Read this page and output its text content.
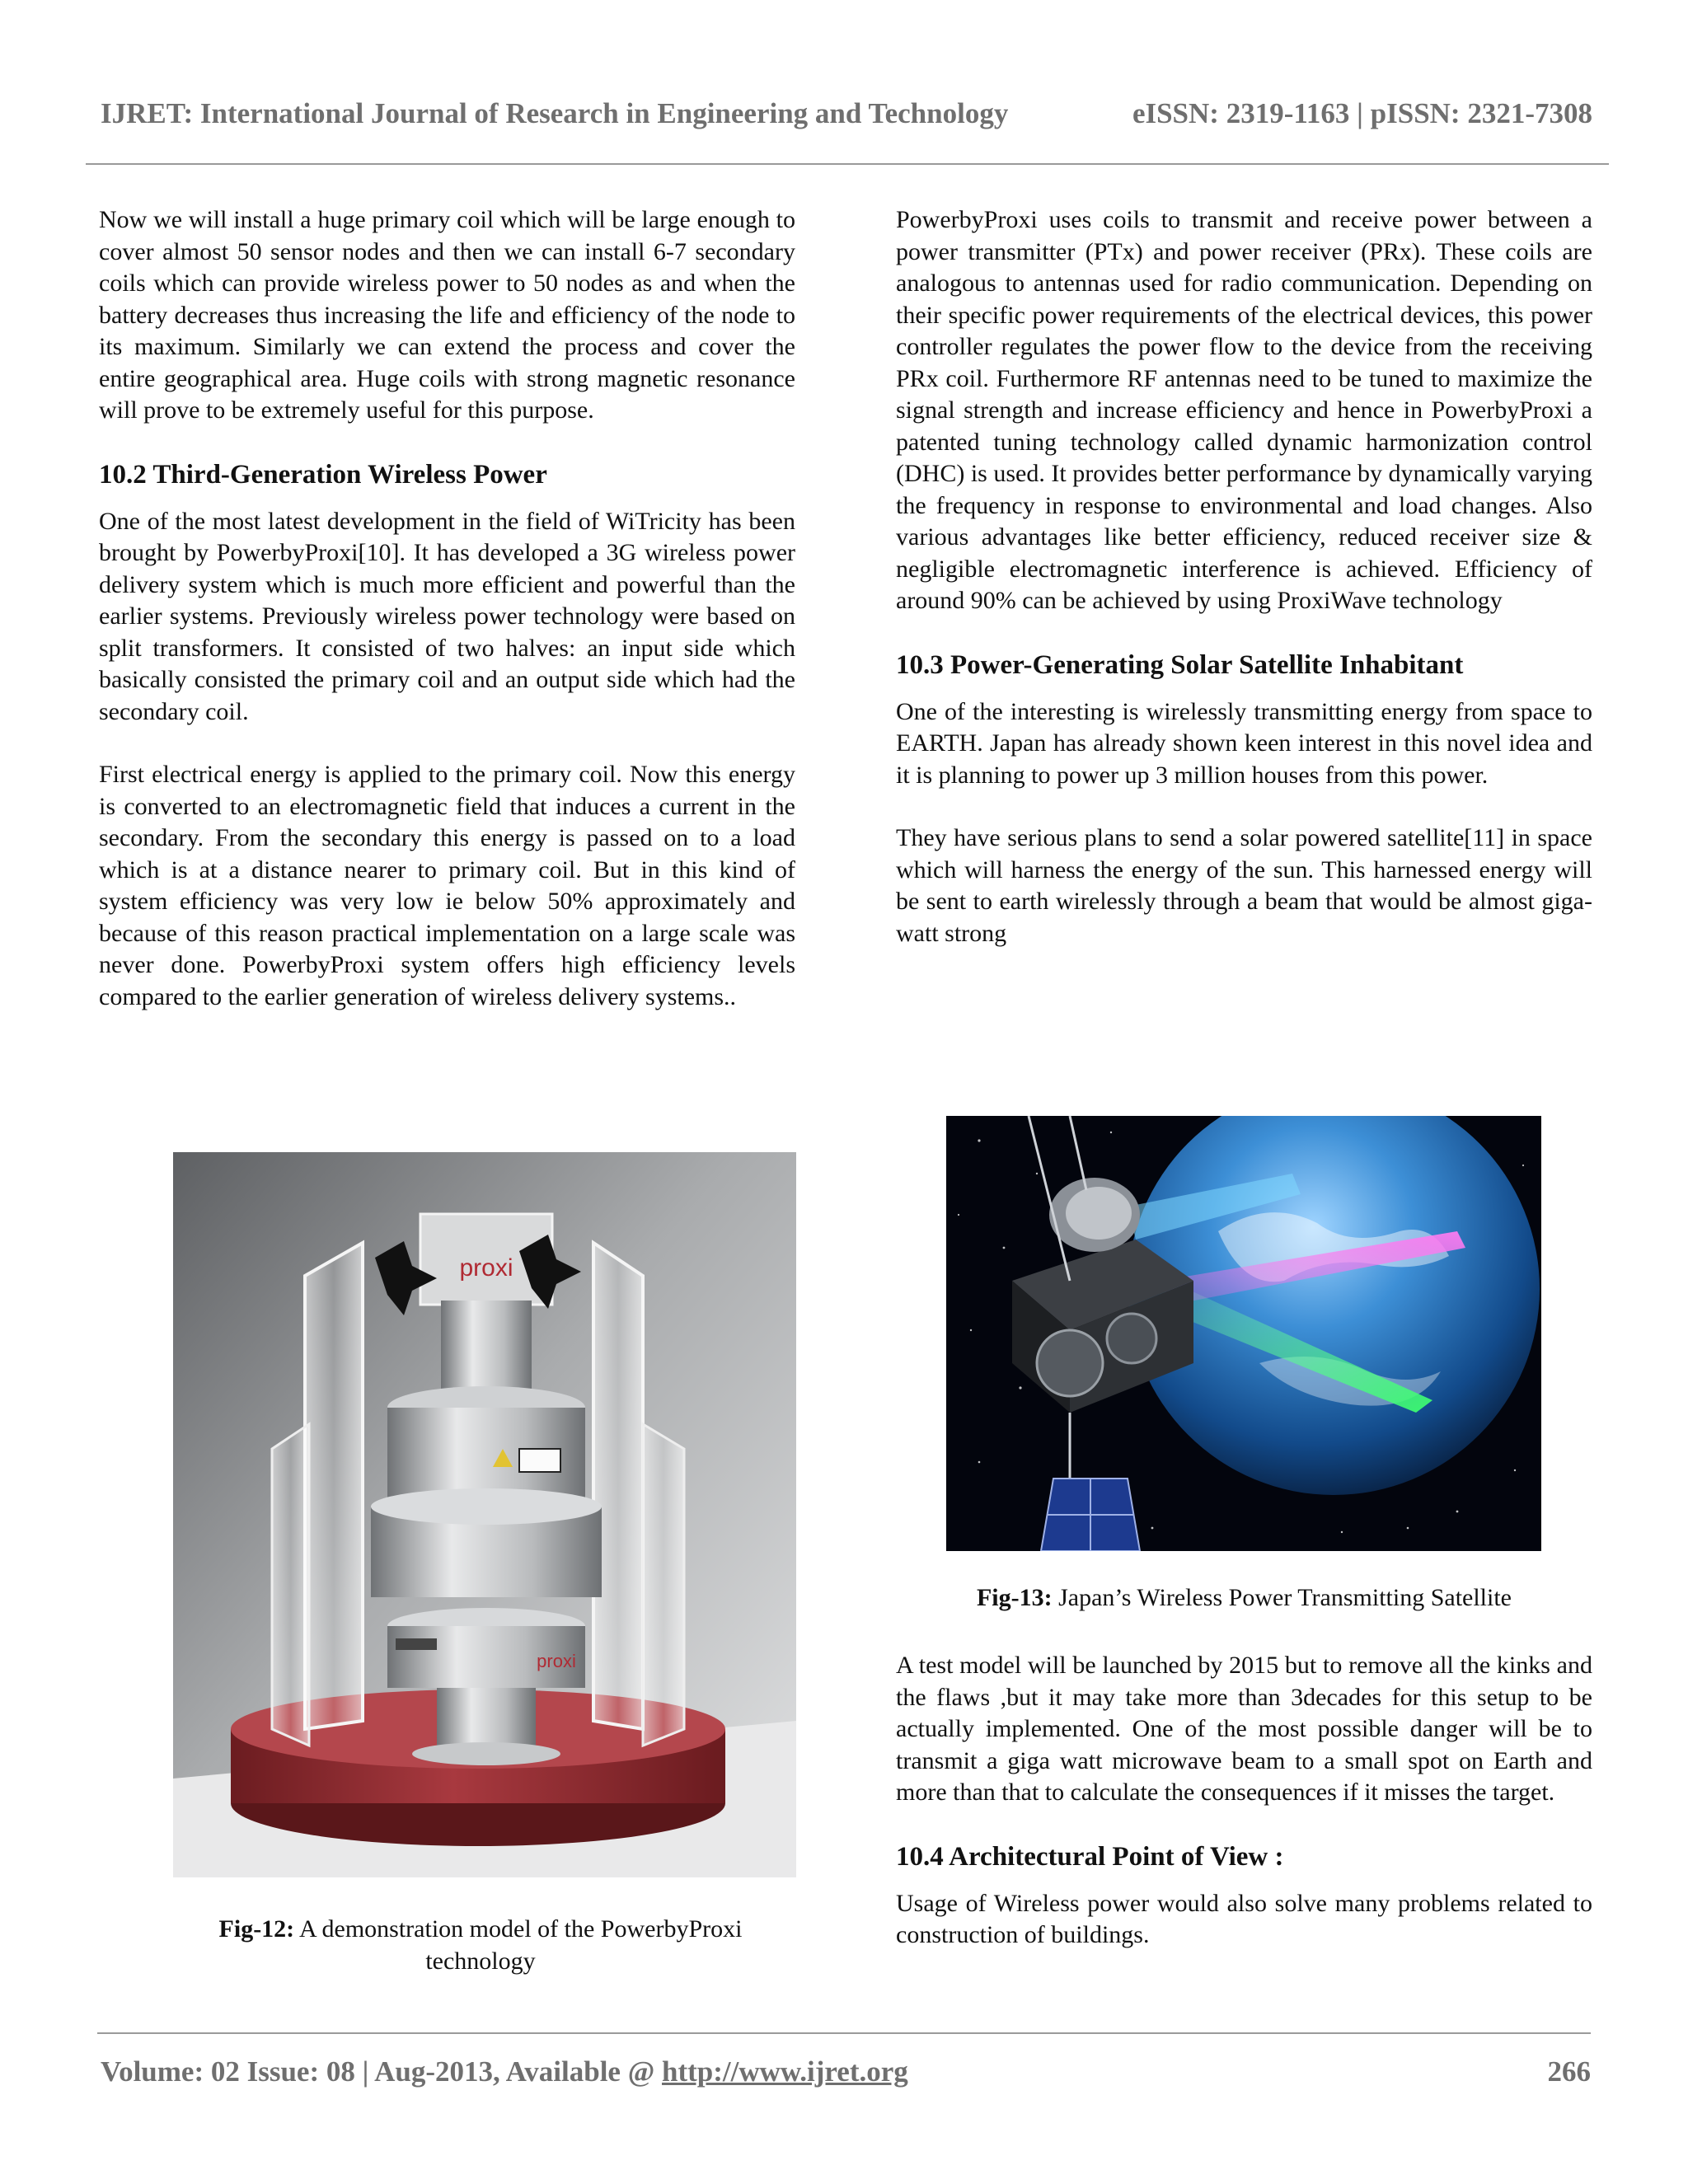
IJRET: International Journal of Research in Engineering and Technology	eISSN: 2319-1163 | pISSN: 2321-7308

Now we will install a huge primary coil which will be large enough to cover almost 50 sensor nodes and then we can install 6-7 secondary coils which can provide wireless power to 50 nodes as and when the battery decreases thus increasing the life and efficiency of the node to its maximum. Similarly we can extend the process and cover the entire geographical area. Huge coils with strong magnetic resonance will prove to be extremely useful for this purpose.

10.2 Third-Generation Wireless Power

One of the most latest development in the field of WiTricity has been brought by PowerbyProxi[10]. It has developed a 3G wireless power delivery system which is much more efficient and powerful than the earlier systems. Previously wireless power technology were based on split transformers. It consisted of two halves: an input side which basically consisted the primary coil and an output side which had the secondary coil.

First electrical energy is applied to the primary coil. Now this energy is converted to an electromagnetic field that induces a current in the secondary. From the secondary this energy is passed on to a load which is at a distance nearer to primary coil. But in this kind of system efficiency was very low ie below 50% approximately and because of this reason practical implementation on a large scale was never done. PowerbyProxi system offers high efficiency levels compared to the earlier generation of wireless delivery systems..

proxi
proxi
Fig-12: A demonstration model of the PowerbyProxi technology

PowerbyProxi uses coils to transmit and receive power between a power transmitter (PTx) and power receiver (PRx). These coils are analogous to antennas used for radio communication. Depending on their specific power requirements of the electrical devices, this power controller regulates the power flow to the device from the receiving PRx coil. Furthermore RF antennas need to be tuned to maximize the signal strength and increase efficiency and hence in PowerbyProxi a patented tuning technology called dynamic harmonization control (DHC) is used. It provides better performance by dynamically varying the frequency in response to environmental and load changes. Also various advantages like better efficiency, reduced receiver size & negligible electromagnetic interference is achieved. Efficiency of around 90% can be achieved by using ProxiWave technology

10.3 Power-Generating Solar Satellite Inhabitant

One of the interesting is wirelessly transmitting energy from space to EARTH. Japan has already shown keen interest in this novel idea and it is planning to power up 3 million houses from this power.

They have serious plans to send a solar powered satellite[11] in space which will harness the energy of the sun. This harnessed energy will be sent to earth wirelessly through a beam that would be almost giga-watt strong

Fig-13: Japan’s Wireless Power Transmitting Satellite

A test model will be launched by 2015 but to remove all the kinks and the flaws ,but it may take more than 3decades for this setup to be actually implemented. One of the most possible danger will be to transmit a giga watt microwave beam to a small spot on Earth and more than that to calculate the consequences if it misses the target.

10.4 Architectural Point of View :

Usage of Wireless power would also solve many problems related to construction of buildings.

Volume: 02 Issue: 08 | Aug-2013, Available @ http://www.ijret.org	266
